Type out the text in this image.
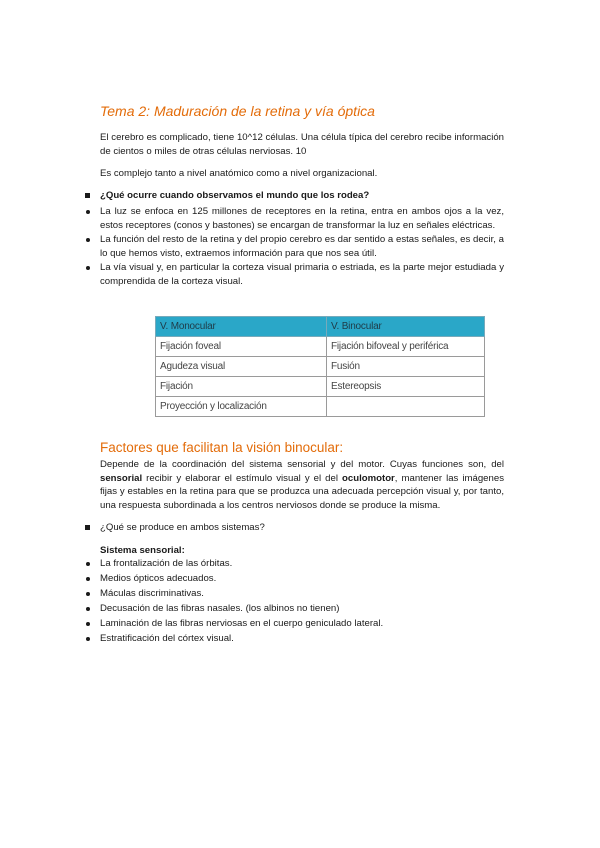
Tema 2: Maduración de la retina y vía óptica
El cerebro es complicado, tiene 10^12 células. Una célula típica del cerebro recibe información de cientos o miles de otras células nerviosas. 10
Es complejo tanto a nivel anatómico como a nivel organizacional.
¿Qué ocurre cuando observamos el mundo que los rodea?
La luz se enfoca en 125 millones de receptores en la retina, entra en ambos ojos a la vez, estos receptores (conos y bastones) se encargan de transformar la luz en señales eléctricas.
La función del resto de la retina y del propio cerebro es dar sentido a estas señales, es decir, a lo que hemos visto, extraemos información para que nos sea útil.
La vía visual y, en particular la corteza visual primaria o estriada, es la parte mejor estudiada y comprendida de la corteza visual.
V. Monocular	V. Binocular
Fijación foveal	Fijación bifoveal y periférica
Agudeza visual	Fusión
Fijación	Estereopsis
Proyección y localización	
Factores que facilitan la visión binocular:
Depende de la coordinación del sistema sensorial y del motor. Cuyas funciones son, del sensorial recibir y elaborar el estímulo visual y el del oculomotor, mantener las imágenes fijas y estables en la retina para que se produzca una adecuada percepción visual y, por tanto, una respuesta subordinada a los centros nerviosos donde se produce la misma.
¿Qué se produce en ambos sistemas?
Sistema sensorial:
La frontalización de las órbitas.
Medios ópticos adecuados.
Máculas discriminativas.
Decusación de las fibras nasales. (los albinos no tienen)
Laminación de las fibras nerviosas en el cuerpo geniculado lateral.
Estratificación del córtex visual.
